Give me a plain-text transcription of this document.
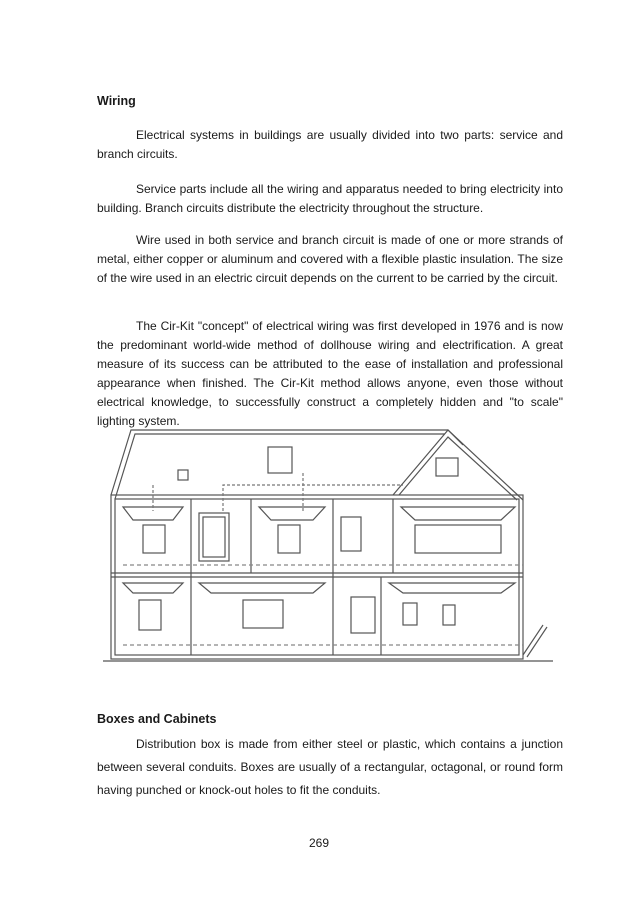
Wiring

Electrical systems in buildings are usually divided into two parts: service and branch circuits.

Service parts include all the wiring and apparatus needed to bring electricity into building. Branch circuits distribute the electricity throughout the structure.

Wire used in both service and branch circuit is made of one or more strands of metal, either copper or aluminum and covered with a flexible plastic insulation. The size of the wire used in an electric circuit depends on the current to be carried by the circuit.

The Cir-Kit "concept" of electrical wiring was first developed in 1976 and is now the predominant world-wide method of dollhouse wiring and electrification. A great measure of its success can be attributed to the ease of installation and professional appearance when finished. The Cir-Kit method allows anyone, even those without electrical knowledge, to successfully construct a completely hidden and "to scale" lighting system.

Boxes and Cabinets

Distribution box is made from either steel or plastic, which contains a junction between several conduits. Boxes are usually of a rectangular, octagonal, or round form having punched or knock-out holes to fit the conduits.

269
